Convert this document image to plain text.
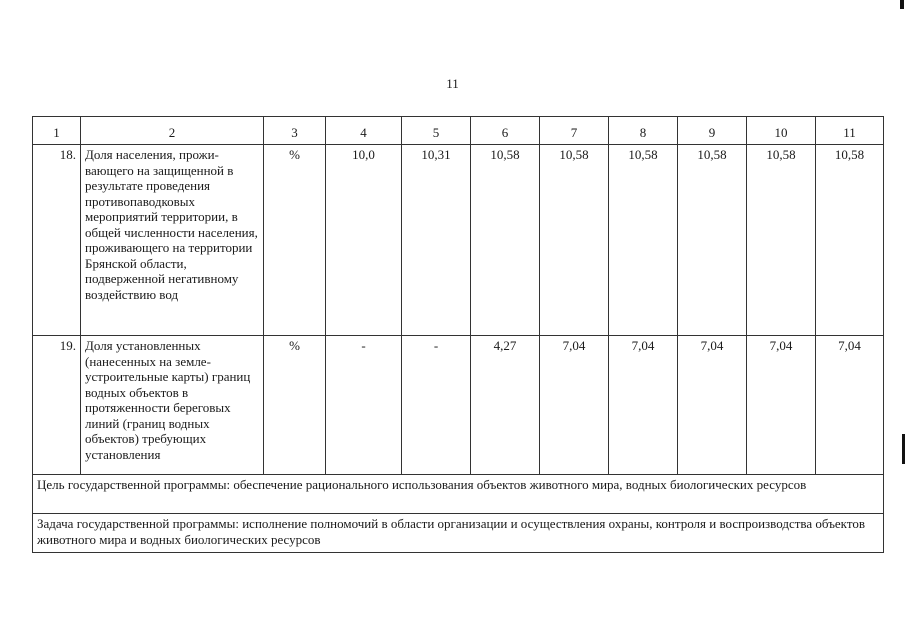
11
1	2	3	4	5	6	7	8	9	10	11
18.	Доля населения, прожи-вающего на защищенной в результате проведения противопаводковых мероприятий территории, в общей численности населения, проживающего на территории Брянской области, подверженной негативному воздействию вод	%	10,0	10,31	10,58	10,58	10,58	10,58	10,58	10,58
19.	Доля установленных (нанесенных на земле-устроительные карты) границ водных объектов в протяженности береговых линий (границ водных объектов) требующих установления	%	-	-	4,27	7,04	7,04	7,04	7,04	7,04
Цель государственной программы: обеспечение рационального использования объектов животного мира, водных биологических ресурсов										
Задача государственной программы: исполнение полномочий в области организации и осуществления охраны, контроля и воспроизводства объектов животного мира и водных биологических ресурсов										
